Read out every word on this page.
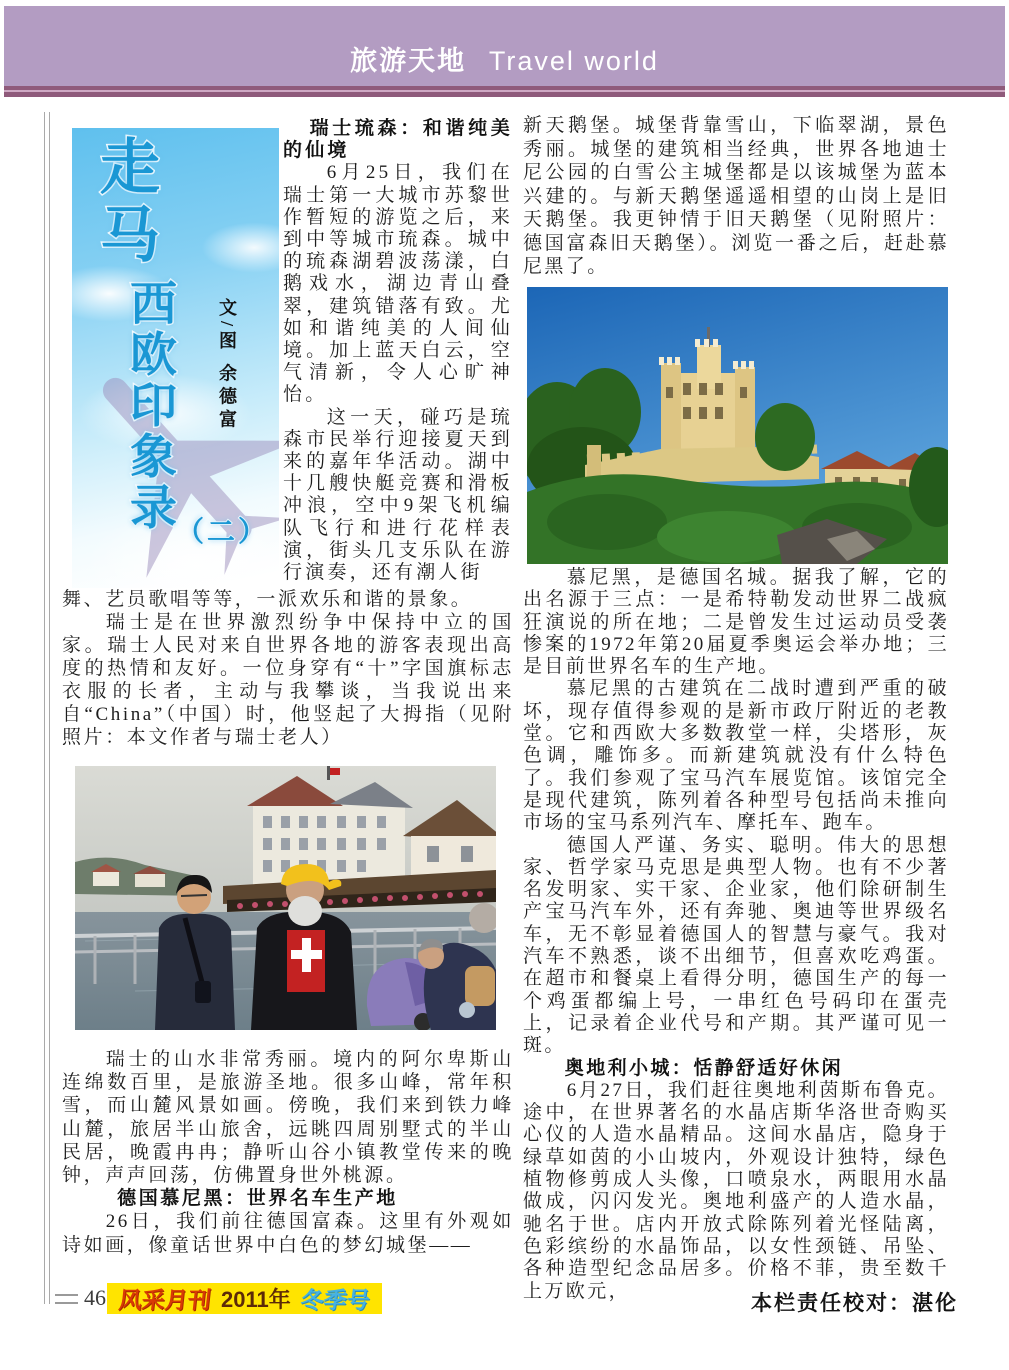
旅游天地 Travel world
走马
西欧印象录 （二）
文/图 余德富

瑞士琉森：和谐纯美的仙境

6月25日，我们在瑞士第一大城市苏黎世作暂短的游览之后，来到中等城市琉森。城中的琉森湖碧波荡漾，白鹅戏水，湖边青山叠翠，建筑错落有致。尤如和谐纯美的人间仙境。加上蓝天白云，空气清新，令人心旷神怡。

这一天，碰巧是琉森市民举行迎接夏天到来的嘉年华活动。湖中十几艘快艇竞赛和滑板冲浪，空中9架飞机编队飞行和进行花样表演，街头几支乐队在游行演奏，还有潮人街

舞、艺员歌唱等等，一派欢乐和谐的景象。

瑞士是在世界激烈纷争中保持中立的国家。瑞士人民对来自世界各地的游客表现出高度的热情和友好。一位身穿有“十”字国旗标志衣服的长者，主动与我攀谈，当我说出来自“China”（中国）时，他竖起了大拇指（见附照片：本文作者与瑞士老人）

瑞士的山水非常秀丽。境内的阿尔卑斯山连绵数百里，是旅游圣地。很多山峰，常年积雪，而山麓风景如画。傍晚，我们来到铁力峰山麓，旅居半山旅舍，远眺四周别墅式的半山民居，晚霞冉冉；静听山谷小镇教堂传来的晚钟，声声回荡，仿佛置身世外桃源。

德国慕尼黑：世界名车生产地

26日，我们前往德国富森。这里有外观如诗如画，像童话世界中白色的梦幻城堡——

新天鹅堡。城堡背靠雪山，下临翠湖，景色秀丽。城堡的建筑相当经典，世界各地迪士尼公园的白雪公主城堡都是以该城堡为蓝本兴建的。与新天鹅堡遥遥相望的山岗上是旧天鹅堡。我更钟情于旧天鹅堡（见附照片：德国富森旧天鹅堡）。浏览一番之后，赶赴慕尼黑了。

慕尼黑，是德国名城。据我了解，它的出名源于三点：一是希特勒发动世界二战疯狂演说的所在地；二是曾发生过运动员受袭惨案的1972年第20届夏季奥运会举办地；三是目前世界名车的生产地。

慕尼黑的古建筑在二战时遭到严重的破坏，现存值得参观的是新市政厅附近的老教堂。它和西欧大多数教堂一样，尖塔形，灰色调，雕饰多。而新建筑就没有什么特色了。我们参观了宝马汽车展览馆。该馆完全是现代建筑，陈列着各种型号包括尚未推向市场的宝马系列汽车、摩托车、跑车。

德国人严谨、务实、聪明。伟大的思想家、哲学家马克思是典型人物。也有不少著名发明家、实干家、企业家，他们除研制生产宝马汽车外，还有奔驰、奥迪等世界级名车，无不彰显着德国人的智慧与豪气。我对汽车不熟悉，谈不出细节，但喜欢吃鸡蛋。在超市和餐桌上看得分明，德国生产的每一个鸡蛋都编上号，一串红色号码印在蛋壳上，记录着企业代号和产期。其严谨可见一斑。

奥地利小城：恬静舒适好休闲

6月27日，我们赶往奥地利茵斯布鲁克。途中，在世界著名的水晶店斯华洛世奇购买心仪的人造水晶精品。这间水晶店，隐身于绿草如茵的小山坡内，外观设计独特，绿色植物修剪成人头像，口喷泉水，两眼用水晶做成，闪闪发光。奥地利盛产的人造水晶，驰名于世。店内开放式除陈列着光怪陆离，色彩缤纷的水晶饰品，以女性颈链、吊坠、各种造型纪念品居多。价格不菲，贵至数千上万欧元，

46 风采月刊 2011年 冬季号	本栏责任校对：湛伦
